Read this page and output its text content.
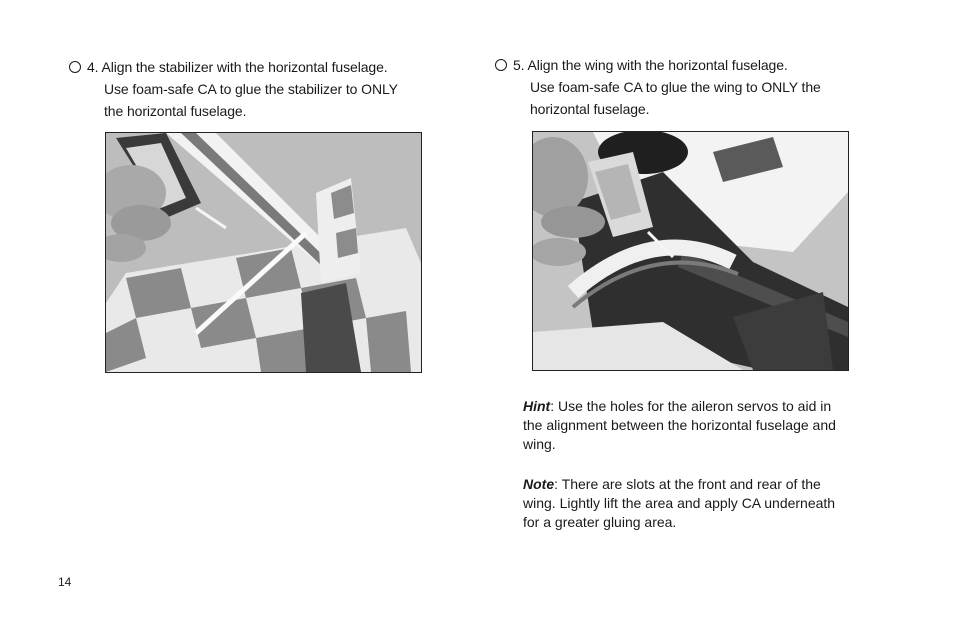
4. Align the stabilizer with the horizontal fuselage.
Use foam-safe CA to glue the stabilizer to ONLY
the horizontal fuselage.
5. Align the wing with the horizontal fuselage.
Use foam-safe CA to glue the wing to ONLY the
horizontal fuselage.
Hint: Use the holes for the aileron servos to aid in the alignment between the horizontal fuselage and wing.
Note: There are slots at the front and rear of the wing. Lightly lift the area and apply CA underneath for a greater gluing area.
14
